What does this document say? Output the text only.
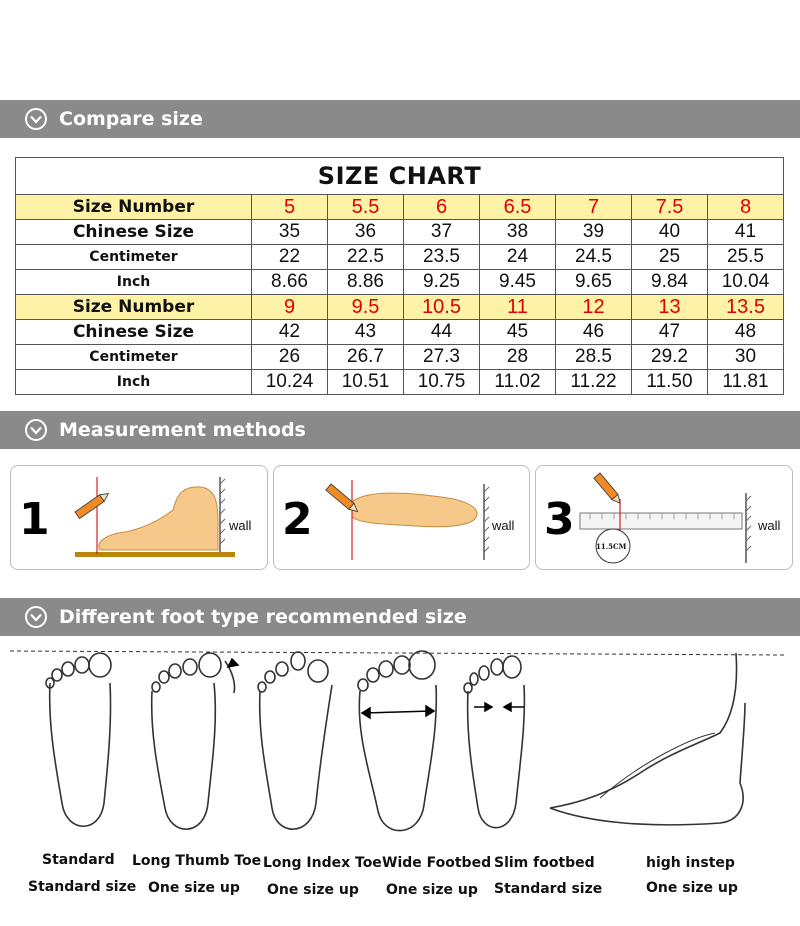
Compare size
SIZE CHART							
Size Number	5	5.5	6	6.5	7	7.5	8
Chinese Size	35	36	37	38	39	40	41
Centimeter	22	22.5	23.5	24	24.5	25	25.5
Inch	8.66	8.86	9.25	9.45	9.65	9.84	10.04
Size Number	9	9.5	10.5	11	12	13	13.5
Chinese Size	42	43	44	45	46	47	48
Centimeter	26	26.7	27.3	28	28.5	29.2	30
Inch	10.24	10.51	10.75	11.02	11.22	11.50	11.81
Measurement methods
1	wall 2	wall 3
11.5CM
wall
Different foot type recommended size
Standard
Standard size
Long Thumb Toe
One size up
Long Index Toe
One size up
Wide Footbed
One size up
Slim footbed
Standard size
high instep
One size up
